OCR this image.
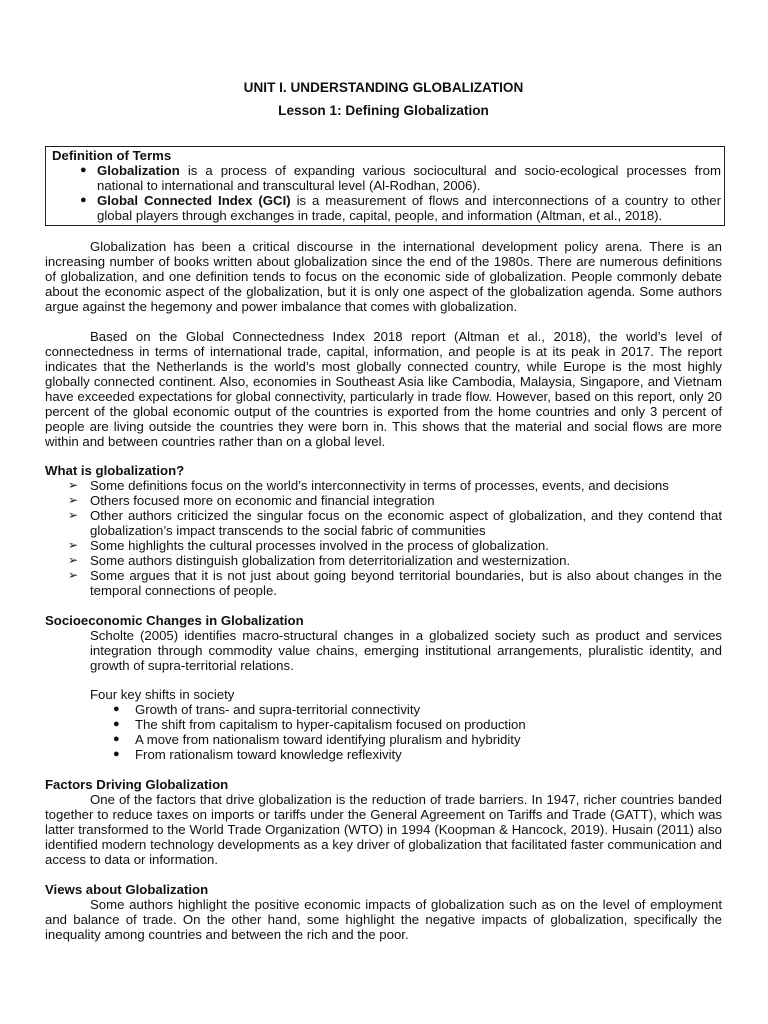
UNIT I. UNDERSTANDING GLOBALIZATION
Lesson 1: Defining Globalization
Definition of Terms
● Globalization is a process of expanding various sociocultural and socio-ecological processes from national to international and transcultural level (Al-Rodhan, 2006).
● Global Connected Index (GCI) is a measurement of flows and interconnections of a country to other global players through exchanges in trade, capital, people, and information (Altman, et al., 2018).
Globalization has been a critical discourse in the international development policy arena. There is an increasing number of books written about globalization since the end of the 1980s. There are numerous definitions of globalization, and one definition tends to focus on the economic side of globalization. People commonly debate about the economic aspect of the globalization, but it is only one aspect of the globalization agenda. Some authors argue against the hegemony and power imbalance that comes with globalization.
Based on the Global Connectedness Index 2018 report (Altman et al., 2018), the world’s level of connectedness in terms of international trade, capital, information, and people is at its peak in 2017. The report indicates that the Netherlands is the world’s most globally connected country, while Europe is the most highly globally connected continent. Also, economies in Southeast Asia like Cambodia, Malaysia, Singapore, and Vietnam have exceeded expectations for global connectivity, particularly in trade flow. However, based on this report, only 20 percent of the global economic output of the countries is exported from the home countries and only 3 percent of people are living outside the countries they were born in. This shows that the material and social flows are more within and between countries rather than on a global level.
What is globalization?
➢ Some definitions focus on the world’s interconnectivity in terms of processes, events, and decisions
➢ Others focused more on economic and financial integration
➢ Other authors criticized the singular focus on the economic aspect of globalization, and they contend that globalization’s impact transcends to the social fabric of communities
➢ Some highlights the cultural processes involved in the process of globalization.
➢ Some authors distinguish globalization from deterritorialization and westernization.
➢ Some argues that it is not just about going beyond territorial boundaries, but is also about changes in the temporal connections of people.
Socioeconomic Changes in Globalization
Scholte (2005) identifies macro-structural changes in a globalized society such as product and services integration through commodity value chains, emerging institutional arrangements, pluralistic identity, and growth of supra-territorial relations.
Four key shifts in society
● Growth of trans- and supra-territorial connectivity
● The shift from capitalism to hyper-capitalism focused on production
● A move from nationalism toward identifying pluralism and hybridity
● From rationalism toward knowledge reflexivity
Factors Driving Globalization
One of the factors that drive globalization is the reduction of trade barriers. In 1947, richer countries banded together to reduce taxes on imports or tariffs under the General Agreement on Tariffs and Trade (GATT), which was latter transformed to the World Trade Organization (WTO) in 1994 (Koopman & Hancock, 2019). Husain (2011) also identified modern technology developments as a key driver of globalization that facilitated faster communication and access to data or information.
Views about Globalization
Some authors highlight the positive economic impacts of globalization such as on the level of employment and balance of trade. On the other hand, some highlight the negative impacts of globalization, specifically the inequality among countries and between the rich and the poor.
